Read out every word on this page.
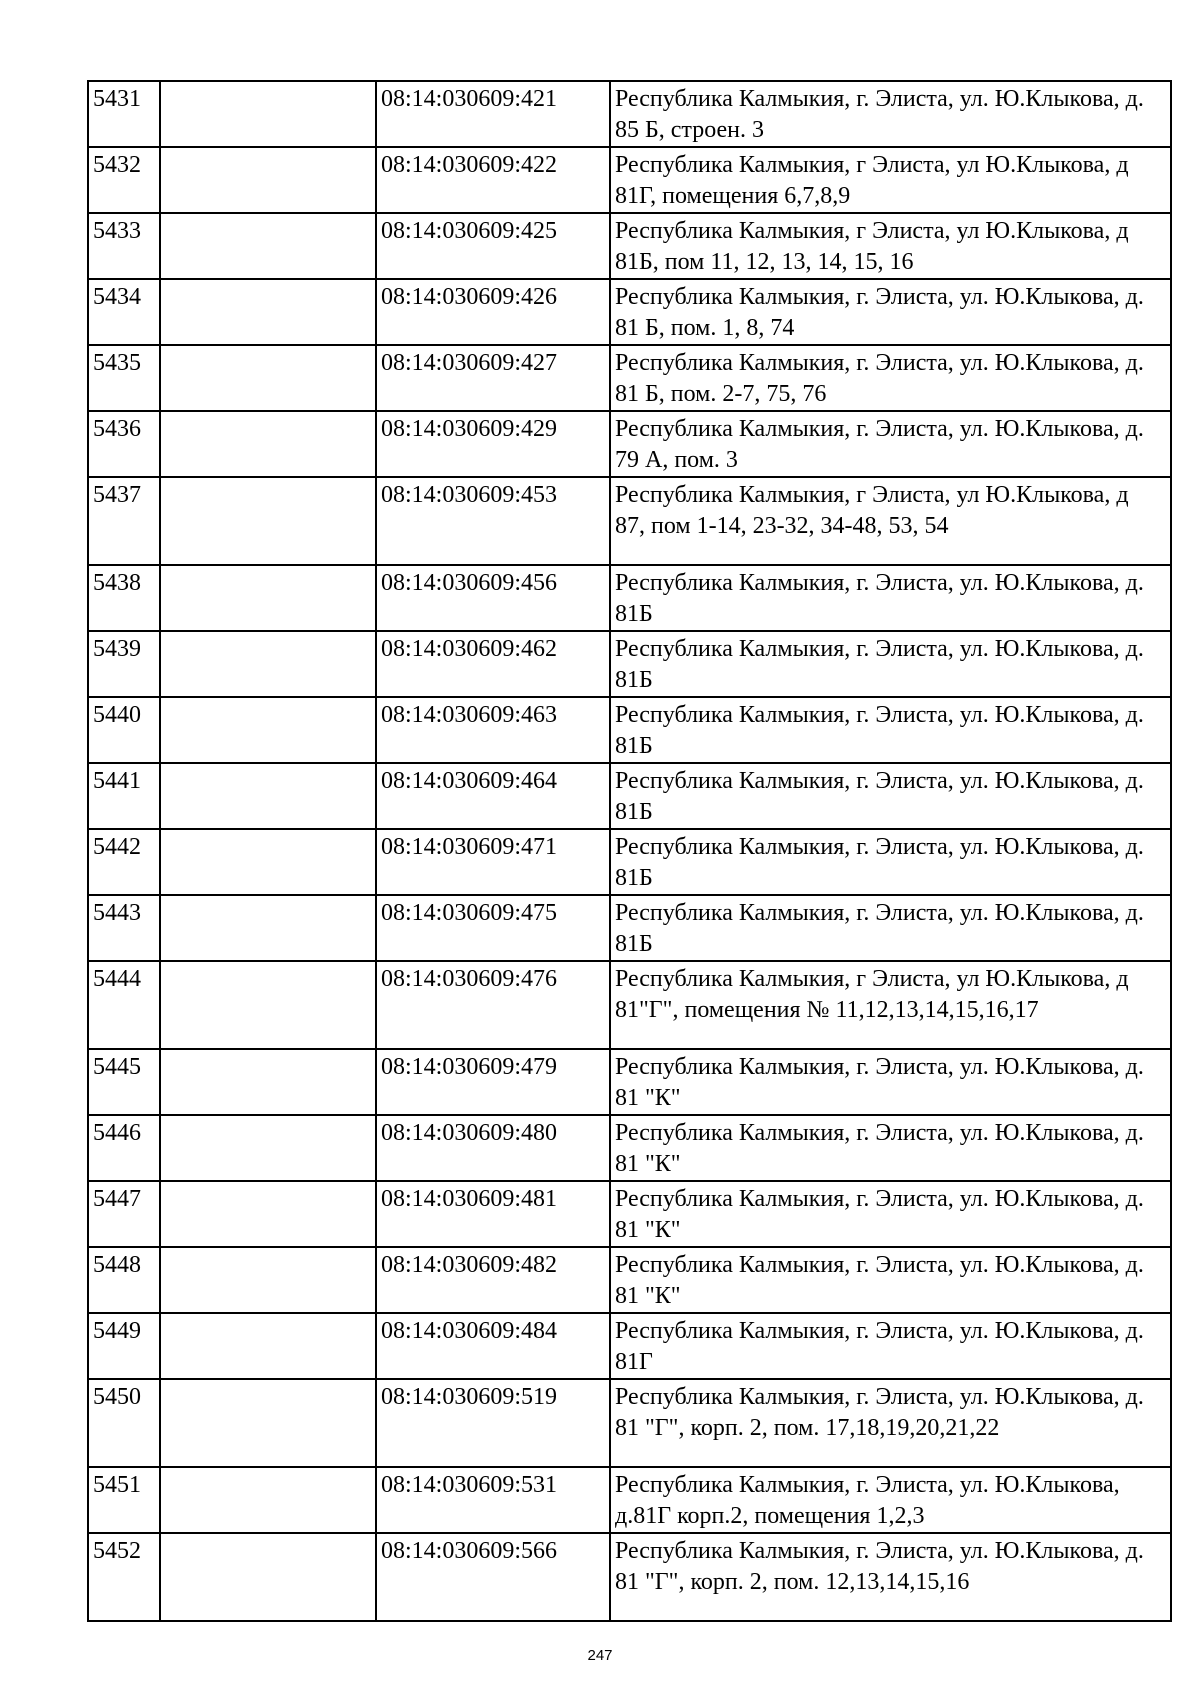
5431		08:14:030609:421	Республика Калмыкия, г. Элиста, ул. Ю.Клыкова, д. 85 Б, строен. 3
5432		08:14:030609:422	Республика Калмыкия, г Элиста, ул Ю.Клыкова, д 81Г, помещения 6,7,8,9
5433		08:14:030609:425	Республика Калмыкия, г Элиста, ул Ю.Клыкова, д 81Б, пом 11, 12, 13, 14, 15, 16
5434		08:14:030609:426	Республика Калмыкия, г. Элиста, ул. Ю.Клыкова, д. 81 Б, пом. 1, 8, 74
5435		08:14:030609:427	Республика Калмыкия, г. Элиста, ул. Ю.Клыкова, д. 81 Б, пом. 2-7, 75, 76
5436		08:14:030609:429	Республика Калмыкия, г. Элиста, ул. Ю.Клыкова, д. 79 А, пом. 3
5437		08:14:030609:453	Республика Калмыкия, г Элиста, ул Ю.Клыкова, д 87, пом 1-14, 23-32, 34-48, 53, 54
5438		08:14:030609:456	Республика Калмыкия, г. Элиста, ул. Ю.Клыкова, д. 81Б
5439		08:14:030609:462	Республика Калмыкия, г. Элиста, ул. Ю.Клыкова, д. 81Б
5440		08:14:030609:463	Республика Калмыкия, г. Элиста, ул. Ю.Клыкова, д. 81Б
5441		08:14:030609:464	Республика Калмыкия, г. Элиста, ул. Ю.Клыкова, д. 81Б
5442		08:14:030609:471	Республика Калмыкия, г. Элиста, ул. Ю.Клыкова, д. 81Б
5443		08:14:030609:475	Республика Калмыкия, г. Элиста, ул. Ю.Клыкова, д. 81Б
5444		08:14:030609:476	Республика Калмыкия, г Элиста, ул Ю.Клыкова, д 81"Г", помещения № 11,12,13,14,15,16,17
5445		08:14:030609:479	Республика Калмыкия, г. Элиста, ул. Ю.Клыкова, д. 81 "К"
5446		08:14:030609:480	Республика Калмыкия, г. Элиста, ул. Ю.Клыкова, д. 81 "К"
5447		08:14:030609:481	Республика Калмыкия, г. Элиста, ул. Ю.Клыкова, д. 81 "К"
5448		08:14:030609:482	Республика Калмыкия, г. Элиста, ул. Ю.Клыкова, д. 81 "К"
5449		08:14:030609:484	Республика Калмыкия, г. Элиста, ул. Ю.Клыкова, д. 81Г
5450		08:14:030609:519	Республика Калмыкия, г. Элиста, ул. Ю.Клыкова, д. 81 "Г", корп. 2, пом. 17,18,19,20,21,22
5451		08:14:030609:531	Республика Калмыкия, г. Элиста, ул. Ю.Клыкова, д.81Г корп.2, помещения 1,2,3
5452		08:14:030609:566	Республика Калмыкия, г. Элиста, ул. Ю.Клыкова, д. 81 "Г", корп. 2, пом. 12,13,14,15,16
247
